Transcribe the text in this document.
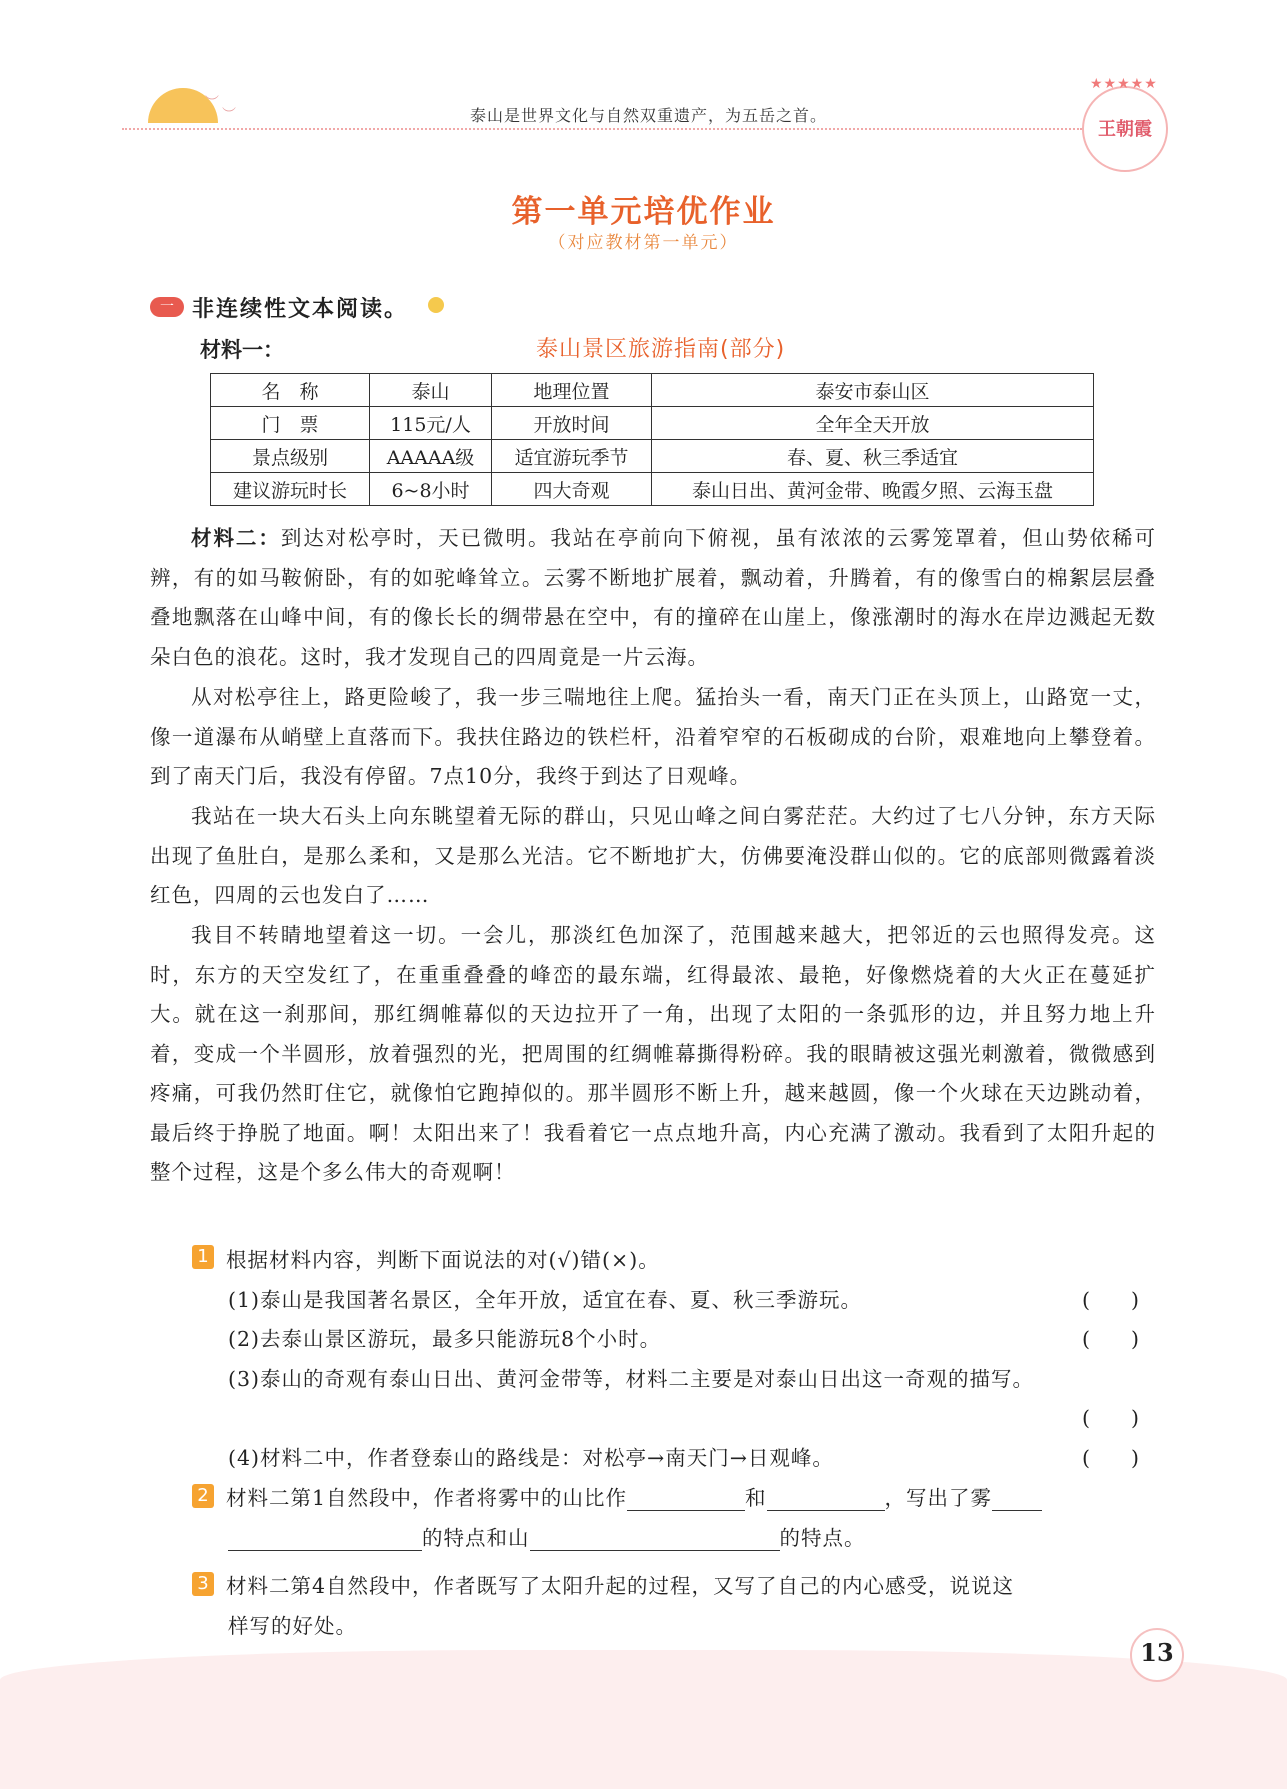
︶
︶	泰山是世界文化与自然双重遗产，为五岳之首。
★★★★★
王朝霞
第一单元培优作业
（对应教材第一单元）
一 非连续性文本阅读。
材料一：	泰山景区旅游指南(部分)
名　称	泰山	地理位置	泰安市泰山区
门　票	115元/人	开放时间	全年全天开放
景点级别	AAAAA级	适宜游玩季节	春、夏、秋三季适宜
建议游玩时长	6~8小时	四大奇观	泰山日出、黄河金带、晚霞夕照、云海玉盘

材料二：到达对松亭时，天已微明。我站在亭前向下俯视，虽有浓浓的云雾笼罩着，但山势依稀可辨，有的如马鞍俯卧，有的如驼峰耸立。云雾不断地扩展着，飘动着，升腾着，有的像雪白的棉絮层层叠叠地飘落在山峰中间，有的像长长的绸带悬在空中，有的撞碎在山崖上，像涨潮时的海水在岸边溅起无数朵白色的浪花。这时，我才发现自己的四周竟是一片云海。

从对松亭往上，路更险峻了，我一步三喘地往上爬。猛抬头一看，南天门正在头顶上，山路宽一丈，像一道瀑布从峭壁上直落而下。我扶住路边的铁栏杆，沿着窄窄的石板砌成的台阶，艰难地向上攀登着。到了南天门后，我没有停留。7点10分，我终于到达了日观峰。

我站在一块大石头上向东眺望着无际的群山，只见山峰之间白雾茫茫。大约过了七八分钟，东方天际出现了鱼肚白，是那么柔和，又是那么光洁。它不断地扩大，仿佛要淹没群山似的。它的底部则微露着淡红色，四周的云也发白了……

我目不转睛地望着这一切。一会儿，那淡红色加深了，范围越来越大，把邻近的云也照得发亮。这时，东方的天空发红了，在重重叠叠的峰峦的最东端，红得最浓、最艳，好像燃烧着的大火正在蔓延扩大。就在这一刹那间，那红绸帷幕似的天边拉开了一角，出现了太阳的一条弧形的边，并且努力地上升着，变成一个半圆形，放着强烈的光，把周围的红绸帷幕撕得粉碎。我的眼睛被这强光刺激着，微微感到疼痛，可我仍然盯住它，就像怕它跑掉似的。那半圆形不断上升，越来越圆，像一个火球在天边跳动着，最后终于挣脱了地面。啊！太阳出来了！我看着它一点点地升高，内心充满了激动。我看到了太阳升起的整个过程，这是个多么伟大的奇观啊！

1 根据材料内容，判断下面说法的对(√)错(×)。
(1)泰山是我国著名景区，全年开放，适宜在春、夏、秋三季游玩。	(　　)
(2)去泰山景区游玩，最多只能游玩8个小时。	(　　)
(3)泰山的奇观有泰山日出、黄河金带等，材料二主要是对泰山日出这一奇观的描写。
(　　)
(4)材料二中，作者登泰山的路线是：对松亭→南天门→日观峰。	(　　)
2 材料二第1自然段中，作者将雾中的山比作	和	，写出了雾
的特点和山	的特点。
3 材料二第4自然段中，作者既写了太阳升起的过程，又写了自己的内心感受，说说这
样写的好处。
13
